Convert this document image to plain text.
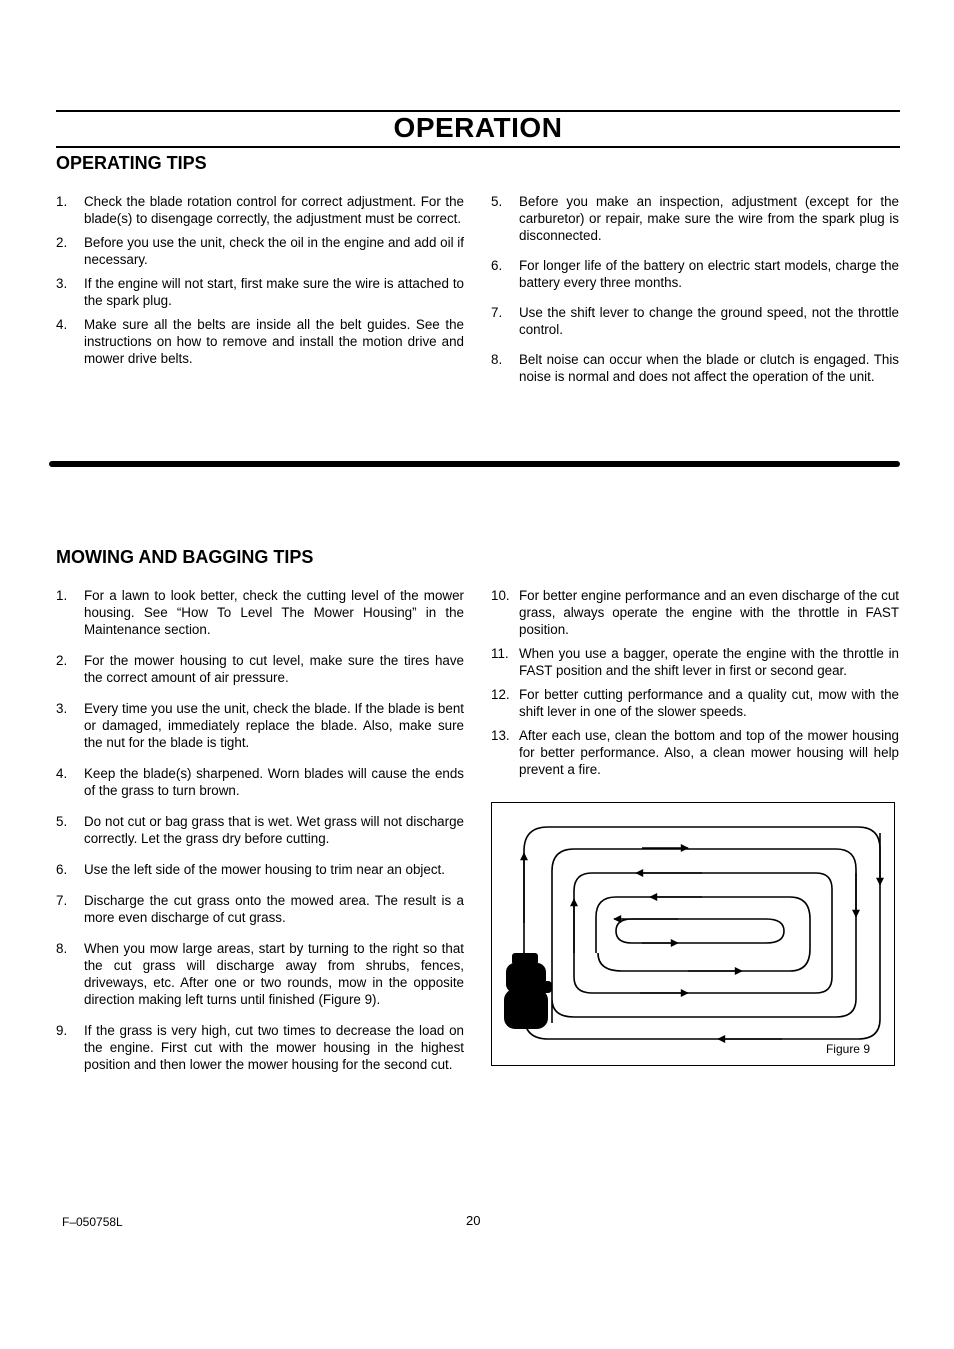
OPERATION
OPERATING TIPS
1. Check the blade rotation control for correct adjustment. For the blade(s) to disengage correctly, the adjustment must be correct.
2. Before you use the unit, check the oil in the engine and add oil if necessary.
3. If the engine will not start, first make sure the wire is attached to the spark plug.
4. Make sure all the belts are inside all the belt guides. See the instructions on how to remove and install the motion drive and mower drive belts.
5. Before you make an inspection, adjustment (except for the carburetor) or repair, make sure the wire from the spark plug is disconnected.
6. For longer life of the battery on electric start models, charge the battery every three months.
7. Use the shift lever to change the ground speed, not the throttle control.
8. Belt noise can occur when the blade or clutch is engaged. This noise is normal and does not affect the operation of the unit.
MOWING AND BAGGING TIPS
1. For a lawn to look better, check the cutting level of the mower housing. See “How To Level The Mower Housing” in the Maintenance section.
2. For the mower housing to cut level, make sure the tires have the correct amount of air pressure.
3. Every time you use the unit, check the blade. If the blade is bent or damaged, immediately replace the blade. Also, make sure the nut for the blade is tight.
4. Keep the blade(s) sharpened. Worn blades will cause the ends of the grass to turn brown.
5. Do not cut or bag grass that is wet. Wet grass will not discharge correctly. Let the grass dry before cutting.
6. Use the left side of the mower housing to trim near an object.
7. Discharge the cut grass onto the mowed area. The result is a more even discharge of cut grass.
8. When you mow large areas, start by turning to the right so that the cut grass will discharge away from shrubs, fences, driveways, etc. After one or two rounds, mow in the opposite direction making left turns until finished (Figure 9).
9. If the grass is very high, cut two times to decrease the load on the engine. First cut with the mower housing in the highest position and then lower the mower housing for the second cut.
10. For better engine performance and an even discharge of the cut grass, always operate the engine with the throttle in FAST position.
11. When you use a bagger, operate the engine with the throttle in FAST position and the shift lever in first or second gear.
12. For better cutting performance and a quality cut, mow with the shift lever in one of the slower speeds.
13. After each use, clean the bottom and top of the mower housing for better performance. Also, a clean mower housing will help prevent a fire.
Figure 9
F–050758L	20
